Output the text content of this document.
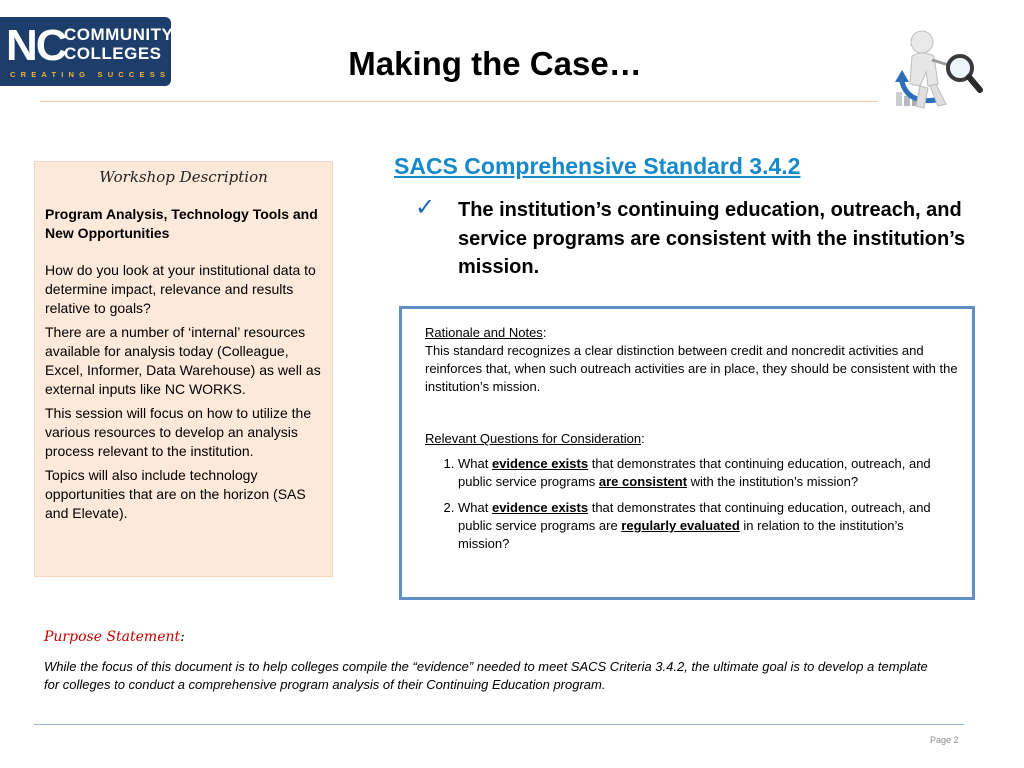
NC
COMMUNITY
COLLEGES
CREATING SUCCESS	Making the Case…
Workshop Description
Program Analysis, Technology Tools and New Opportunities

How do you look at your institutional data to determine impact, relevance and results relative to goals?

There are a number of ‘internal’ resources available for analysis today (Colleague, Excel, Informer, Data Warehouse) as well as external inputs like NC WORKS.

This session will focus on how to utilize the various resources to develop an analysis process relevant to the institution.

Topics will also include technology opportunities that are on the horizon (SAS and Elevate).

SACS Comprehensive Standard 3.4.2
✓ The institution’s continuing education, outreach, and service programs are consistent with the institution’s mission.
Rationale and Notes:
This standard recognizes a clear distinction between credit and noncredit activities and reinforces that, when such outreach activities are in place, they should be consistent with the institution’s mission.
Relevant Questions for Consideration:
1. What evidence exists that demonstrates that continuing education, outreach, and public service programs are consistent with the institution’s mission?
2. What evidence exists that demonstrates that continuing education, outreach, and public service programs are regularly evaluated in relation to the institution’s mission?
Purpose Statement:
While the focus of this document is to help colleges compile the “evidence” needed to meet SACS Criteria 3.4.2, the ultimate goal is to develop a template for colleges to conduct a comprehensive program analysis of their Continuing Education program.
Page 2
